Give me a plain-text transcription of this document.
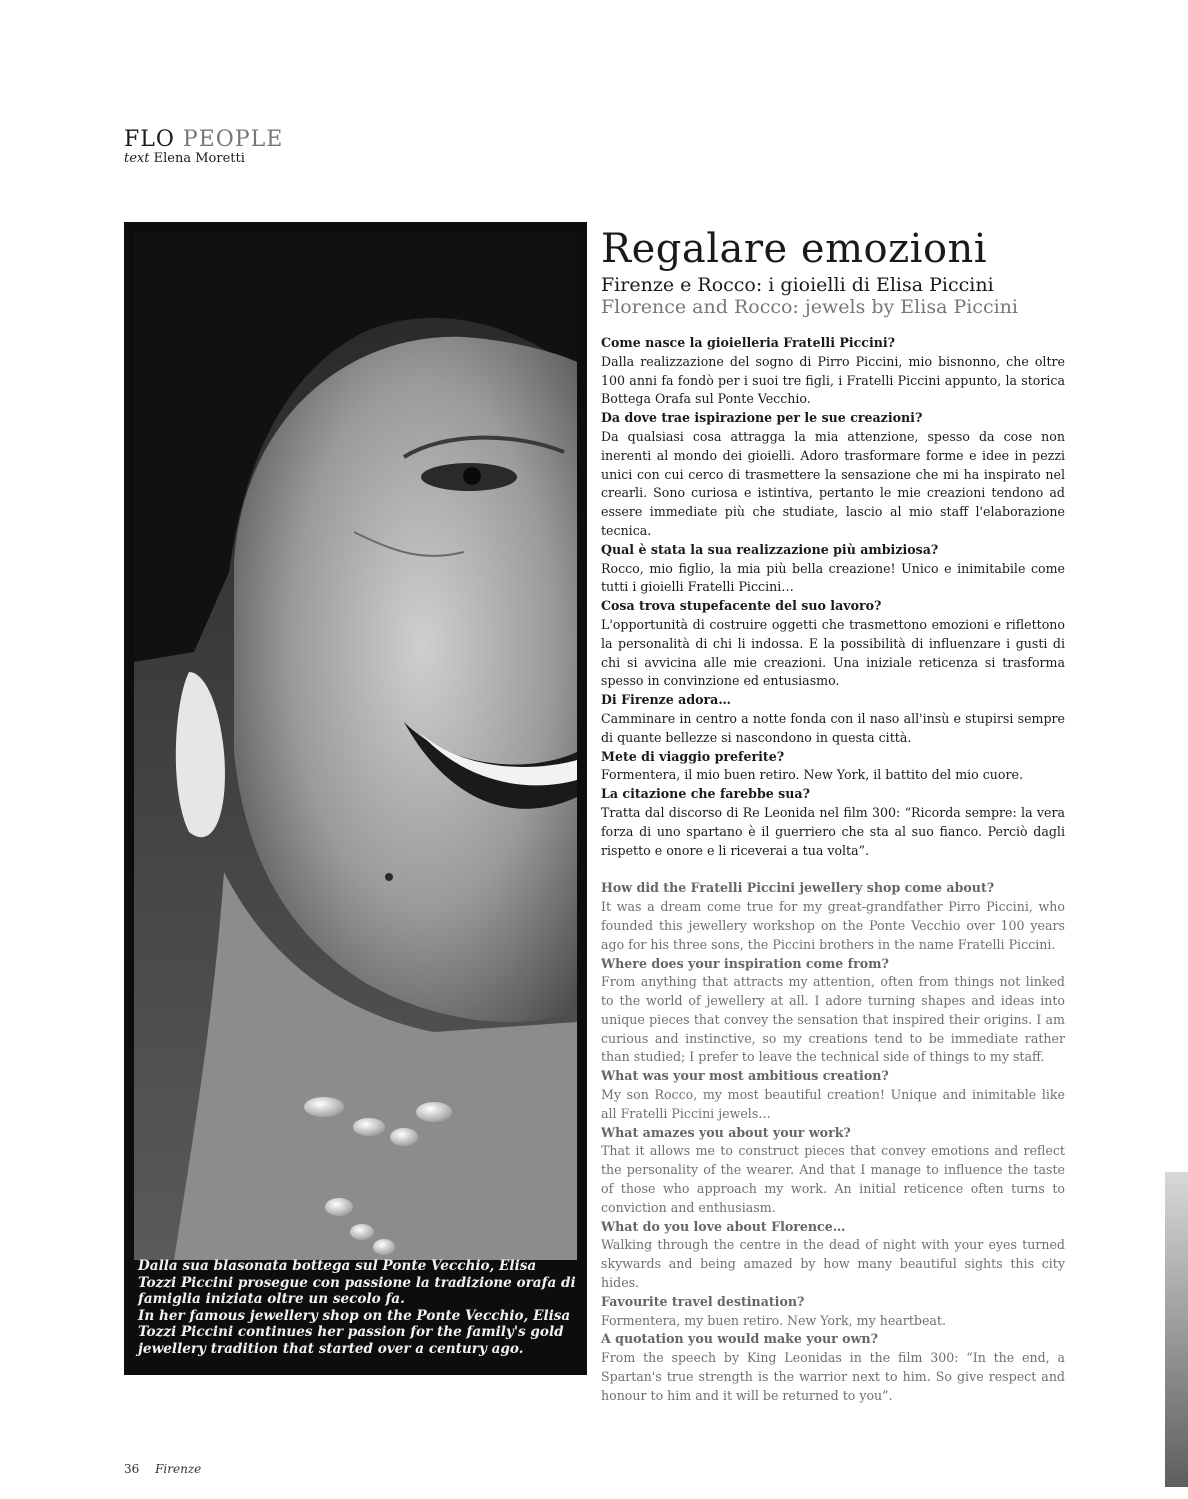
FLO PEOPLE
text Elena Moretti

Dalla sua blasonata bottega sul Ponte Vecchio, Elisa Tozzi Piccini prosegue con passione la tradizione orafa di famiglia iniziata oltre un secolo fa.

In her famous jewellery shop on the Ponte Vecchio, Elisa Tozzi Piccini continues her passion for the family's gold jewellery tradition that started over a century ago.

Regalare emozioni
Firenze e Rocco: i gioielli di Elisa Piccini
Florence and Rocco: jewels by Elisa Piccini
Come nasce la gioielleria Fratelli Piccini?
Dalla realizzazione del sogno di Pirro Piccini, mio bisnonno, che oltre 100 anni fa fondò per i suoi tre figli, i Fratelli Piccini appunto, la storica Bottega Orafa sul Ponte Vecchio.
Da dove trae ispirazione per le sue creazioni?
Da qualsiasi cosa attragga la mia attenzione, spesso da cose non inerenti al mondo dei gioielli. Adoro trasformare forme e idee in pezzi unici con cui cerco di trasmettere la sensazione che mi ha inspirato nel crearli. Sono curiosa e istintiva, pertanto le mie creazioni tendono ad essere immediate più che studiate, lascio al mio staff l'elaborazione tecnica.
Qual è stata la sua realizzazione più ambiziosa?
Rocco, mio figlio, la mia più bella creazione! Unico e inimitabile come tutti i gioielli Fratelli Piccini…
Cosa trova stupefacente del suo lavoro?
L'opportunità di costruire oggetti che trasmettono emozioni e riflettono la personalità di chi li indossa. E la possibilità di influenzare i gusti di chi si avvicina alle mie creazioni. Una iniziale reticenza si trasforma spesso in convinzione ed entusiasmo.
Di Firenze adora…
Camminare in centro a notte fonda con il naso all'insù e stupirsi sempre di quante bellezze si nascondono in questa città.
Mete di viaggio preferite?
Formentera, il mio buen retiro. New York, il battito del mio cuore.
La citazione che farebbe sua?
Tratta dal discorso di Re Leonida nel film 300: “Ricorda sempre: la vera forza di uno spartano è il guerriero che sta al suo fianco. Perciò dagli rispetto e onore e li riceverai a tua volta”.
How did the Fratelli Piccini jewellery shop come about?
It was a dream come true for my great-grandfather Pirro Piccini, who founded this jewellery workshop on the Ponte Vecchio over 100 years ago for his three sons, the Piccini brothers in the name Fratelli Piccini.
Where does your inspiration come from?
From anything that attracts my attention, often from things not linked to the world of jewellery at all. I adore turning shapes and ideas into unique pieces that convey the sensation that inspired their origins. I am curious and instinctive, so my creations tend to be immediate rather than studied; I prefer to leave the technical side of things to my staff.
What was your most ambitious creation?
My son Rocco, my most beautiful creation! Unique and inimitable like all Fratelli Piccini jewels…
What amazes you about your work?
That it allows me to construct pieces that convey emotions and reflect the personality of the wearer. And that I manage to influence the taste of those who approach my work. An initial reticence often turns to conviction and enthusiasm.
What do you love about Florence…
Walking through the centre in the dead of night with your eyes turned skywards and being amazed by how many beautiful sights this city hides.
Favourite travel destination?
Formentera, my buen retiro. New York, my heartbeat.
A quotation you would make your own?
From the speech by King Leonidas in the film 300: “In the end, a Spartan's true strength is the warrior next to him. So give respect and honour to him and it will be returned to you”.
36 Firenze
